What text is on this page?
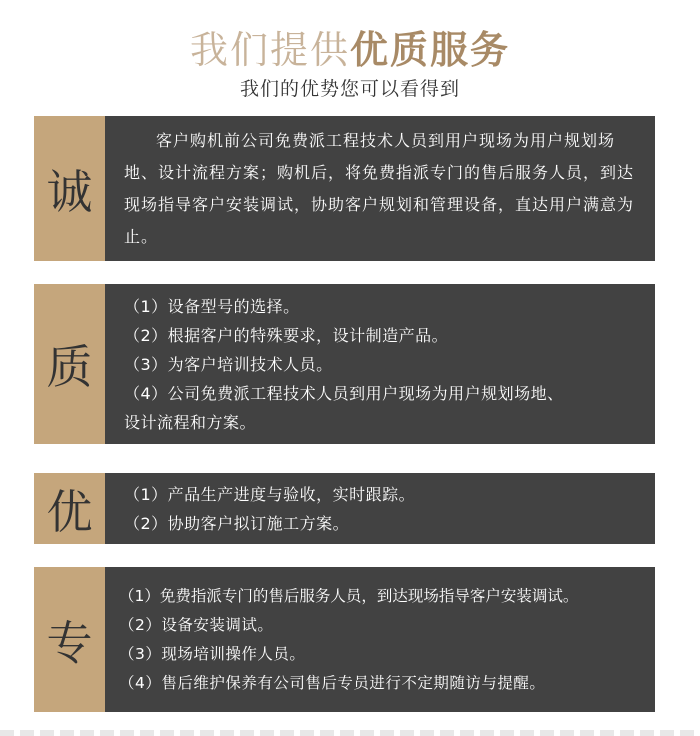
我们提供优质服务
我们的优势您可以看得到
诚
客户购机前公司免费派工程技术人员到用户现场为用户规划场地、设计流程方案；购机后，将免费指派专门的售后服务人员，到达现场指导客户安装调试，协助客户规划和管理设备，直达用户满意为止。
质
（1）设备型号的选择。
（2）根据客户的特殊要求，设计制造产品。
（3）为客户培训技术人员。
（4）公司免费派工程技术人员到用户现场为用户规划场地、
设计流程和方案。
优	（1）产品生产进度与验收，实时跟踪。
（2）协助客户拟订施工方案。
专
（1）免费指派专门的售后服务人员，到达现场指导客户安装调试。
（2）设备安装调试。
（3）现场培训操作人员。
（4）售后维护保养有公司售后专员进行不定期随访与提醒。
